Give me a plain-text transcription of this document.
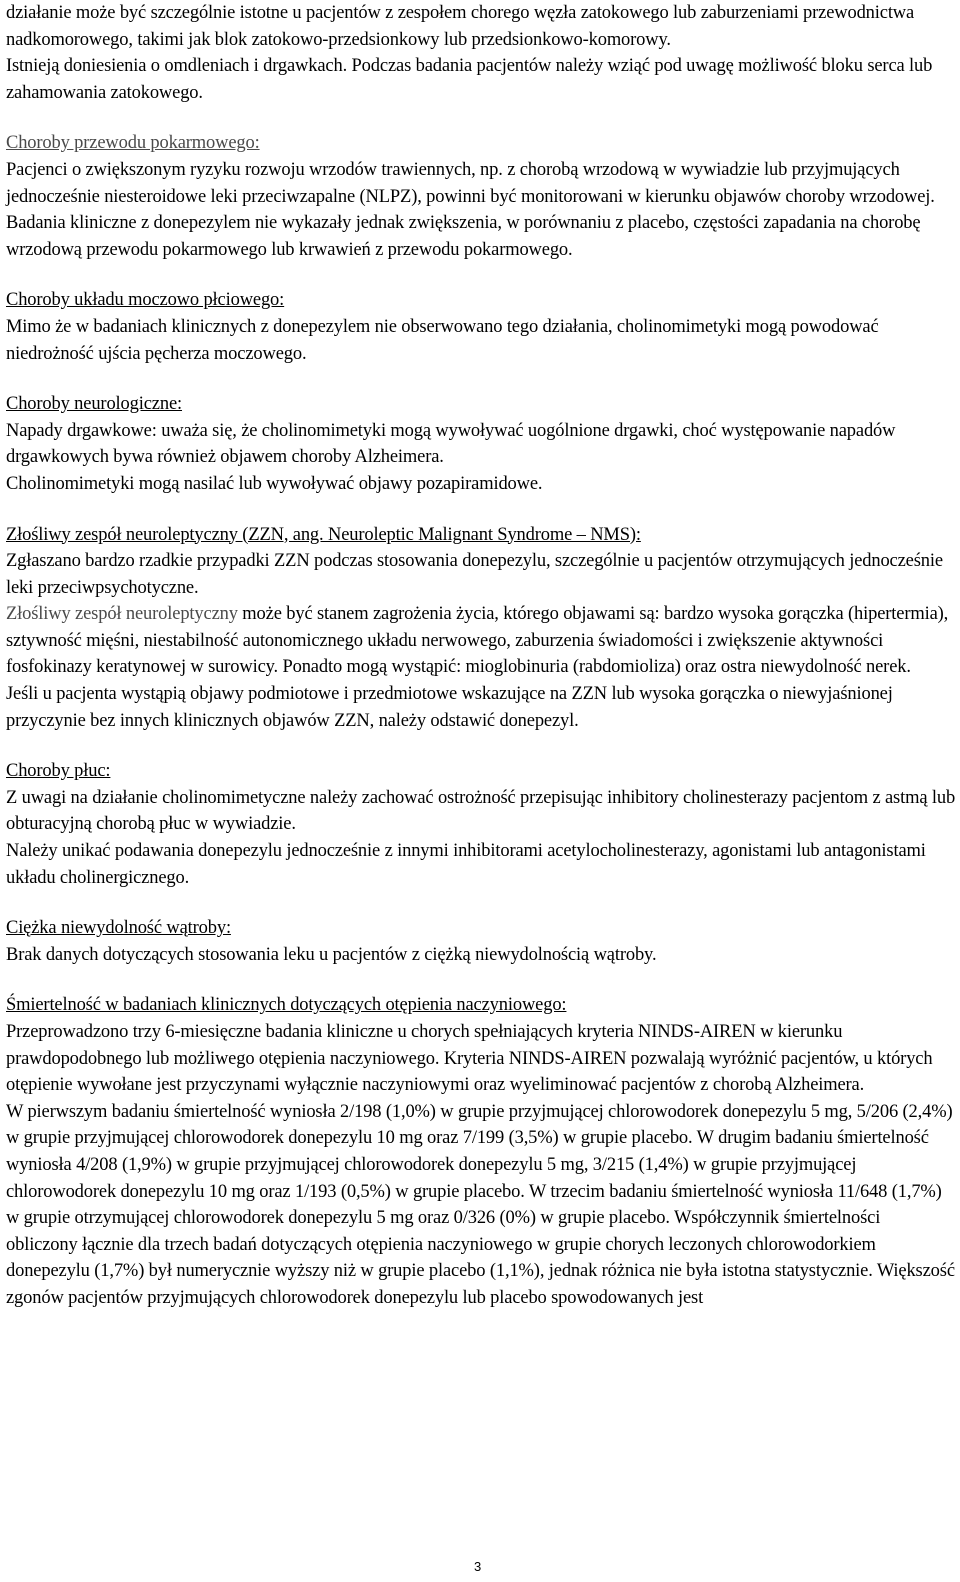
działanie może być szczególnie istotne u pacjentów z zespołem chorego węzła zatokowego lub zaburzeniami przewodnictwa nadkomorowego, takimi jak blok zatokowo-przedsionkowy lub przedsionkowo-komorowy.

Istnieją doniesienia o omdleniach i drgawkach. Podczas badania pacjentów należy wziąć pod uwagę możliwość bloku serca lub zahamowania zatokowego.

Choroby przewodu pokarmowego:

Pacjenci o zwiększonym ryzyku rozwoju wrzodów trawiennych, np. z chorobą wrzodową w wywiadzie lub przyjmujących jednocześnie niesteroidowe leki przeciwzapalne (NLPZ), powinni być monitorowani w kierunku objawów choroby wrzodowej. Badania kliniczne z donepezylem nie wykazały jednak zwiększenia, w porównaniu z placebo, częstości zapadania na chorobę wrzodową przewodu pokarmowego lub krwawień z przewodu pokarmowego.

Choroby układu moczowo płciowego:

Mimo że w badaniach klinicznych z donepezylem nie obserwowano tego działania, cholinomimetyki mogą powodować niedrożność ujścia pęcherza moczowego.

Choroby neurologiczne:

Napady drgawkowe: uważa się, że cholinomimetyki mogą wywoływać uogólnione drgawki, choć występowanie napadów drgawkowych bywa również objawem choroby Alzheimera.

Cholinomimetyki mogą nasilać lub wywoływać objawy pozapiramidowe.

Złośliwy zespół neuroleptyczny (ZZN, ang. Neuroleptic Malignant Syndrome – NMS):

Zgłaszano bardzo rzadkie przypadki ZZN podczas stosowania donepezylu, szczególnie u pacjentów otrzymujących jednocześnie leki przeciwpsychotyczne.

Złośliwy zespół neuroleptyczny może być stanem zagrożenia życia, którego objawami są: bardzo wysoka gorączka (hipertermia), sztywność mięśni, niestabilność autonomicznego układu nerwowego, zaburzenia świadomości i zwiększenie aktywności fosfokinazy keratynowej w surowicy. Ponadto mogą wystąpić: mioglobinuria (rabdomioliza) oraz ostra niewydolność nerek.

Jeśli u pacjenta wystąpią objawy podmiotowe i przedmiotowe wskazujące na ZZN lub wysoka gorączka o niewyjaśnionej przyczynie bez innych klinicznych objawów ZZN, należy odstawić donepezyl.

Choroby płuc:

Z uwagi na działanie cholinomimetyczne należy zachować ostrożność przepisując inhibitory cholinesterazy pacjentom z astmą lub obturacyjną chorobą płuc w wywiadzie.

Należy unikać podawania donepezylu jednocześnie z innymi inhibitorami acetylocholinesterazy, agonistami lub antagonistami układu cholinergicznego.

Ciężka niewydolność wątroby:

Brak danych dotyczących stosowania leku u pacjentów z ciężką niewydolnością wątroby.

Śmiertelność w badaniach klinicznych dotyczących otępienia naczyniowego:

Przeprowadzono trzy 6-miesięczne badania kliniczne u chorych spełniających kryteria NINDS-AIREN w kierunku prawdopodobnego lub możliwego otępienia naczyniowego. Kryteria NINDS-AIREN pozwalają wyróżnić pacjentów, u których otępienie wywołane jest przyczynami wyłącznie naczyniowymi oraz wyeliminować pacjentów z chorobą Alzheimera.

W pierwszym badaniu śmiertelność wyniosła 2/198 (1,0%) w grupie przyjmującej chlorowodorek donepezylu 5 mg, 5/206 (2,4%) w grupie przyjmującej chlorowodorek donepezylu 10 mg oraz 7/199 (3,5%) w grupie placebo. W drugim badaniu śmiertelność wyniosła 4/208 (1,9%) w grupie przyjmującej chlorowodorek donepezylu 5 mg, 3/215 (1,4%) w grupie przyjmującej chlorowodorek donepezylu 10 mg oraz 1/193 (0,5%) w grupie placebo. W trzecim badaniu śmiertelność wyniosła 11/648 (1,7%) w grupie otrzymującej chlorowodorek donepezylu 5 mg oraz 0/326 (0%) w grupie placebo. Współczynnik śmiertelności obliczony łącznie dla trzech badań dotyczących otępienia naczyniowego w grupie chorych leczonych chlorowodorkiem donepezylu (1,7%) był numerycznie wyższy niż w grupie placebo (1,1%), jednak różnica nie była istotna statystycznie. Większość zgonów pacjentów przyjmujących chlorowodorek donepezylu lub placebo spowodowanych jest

3
